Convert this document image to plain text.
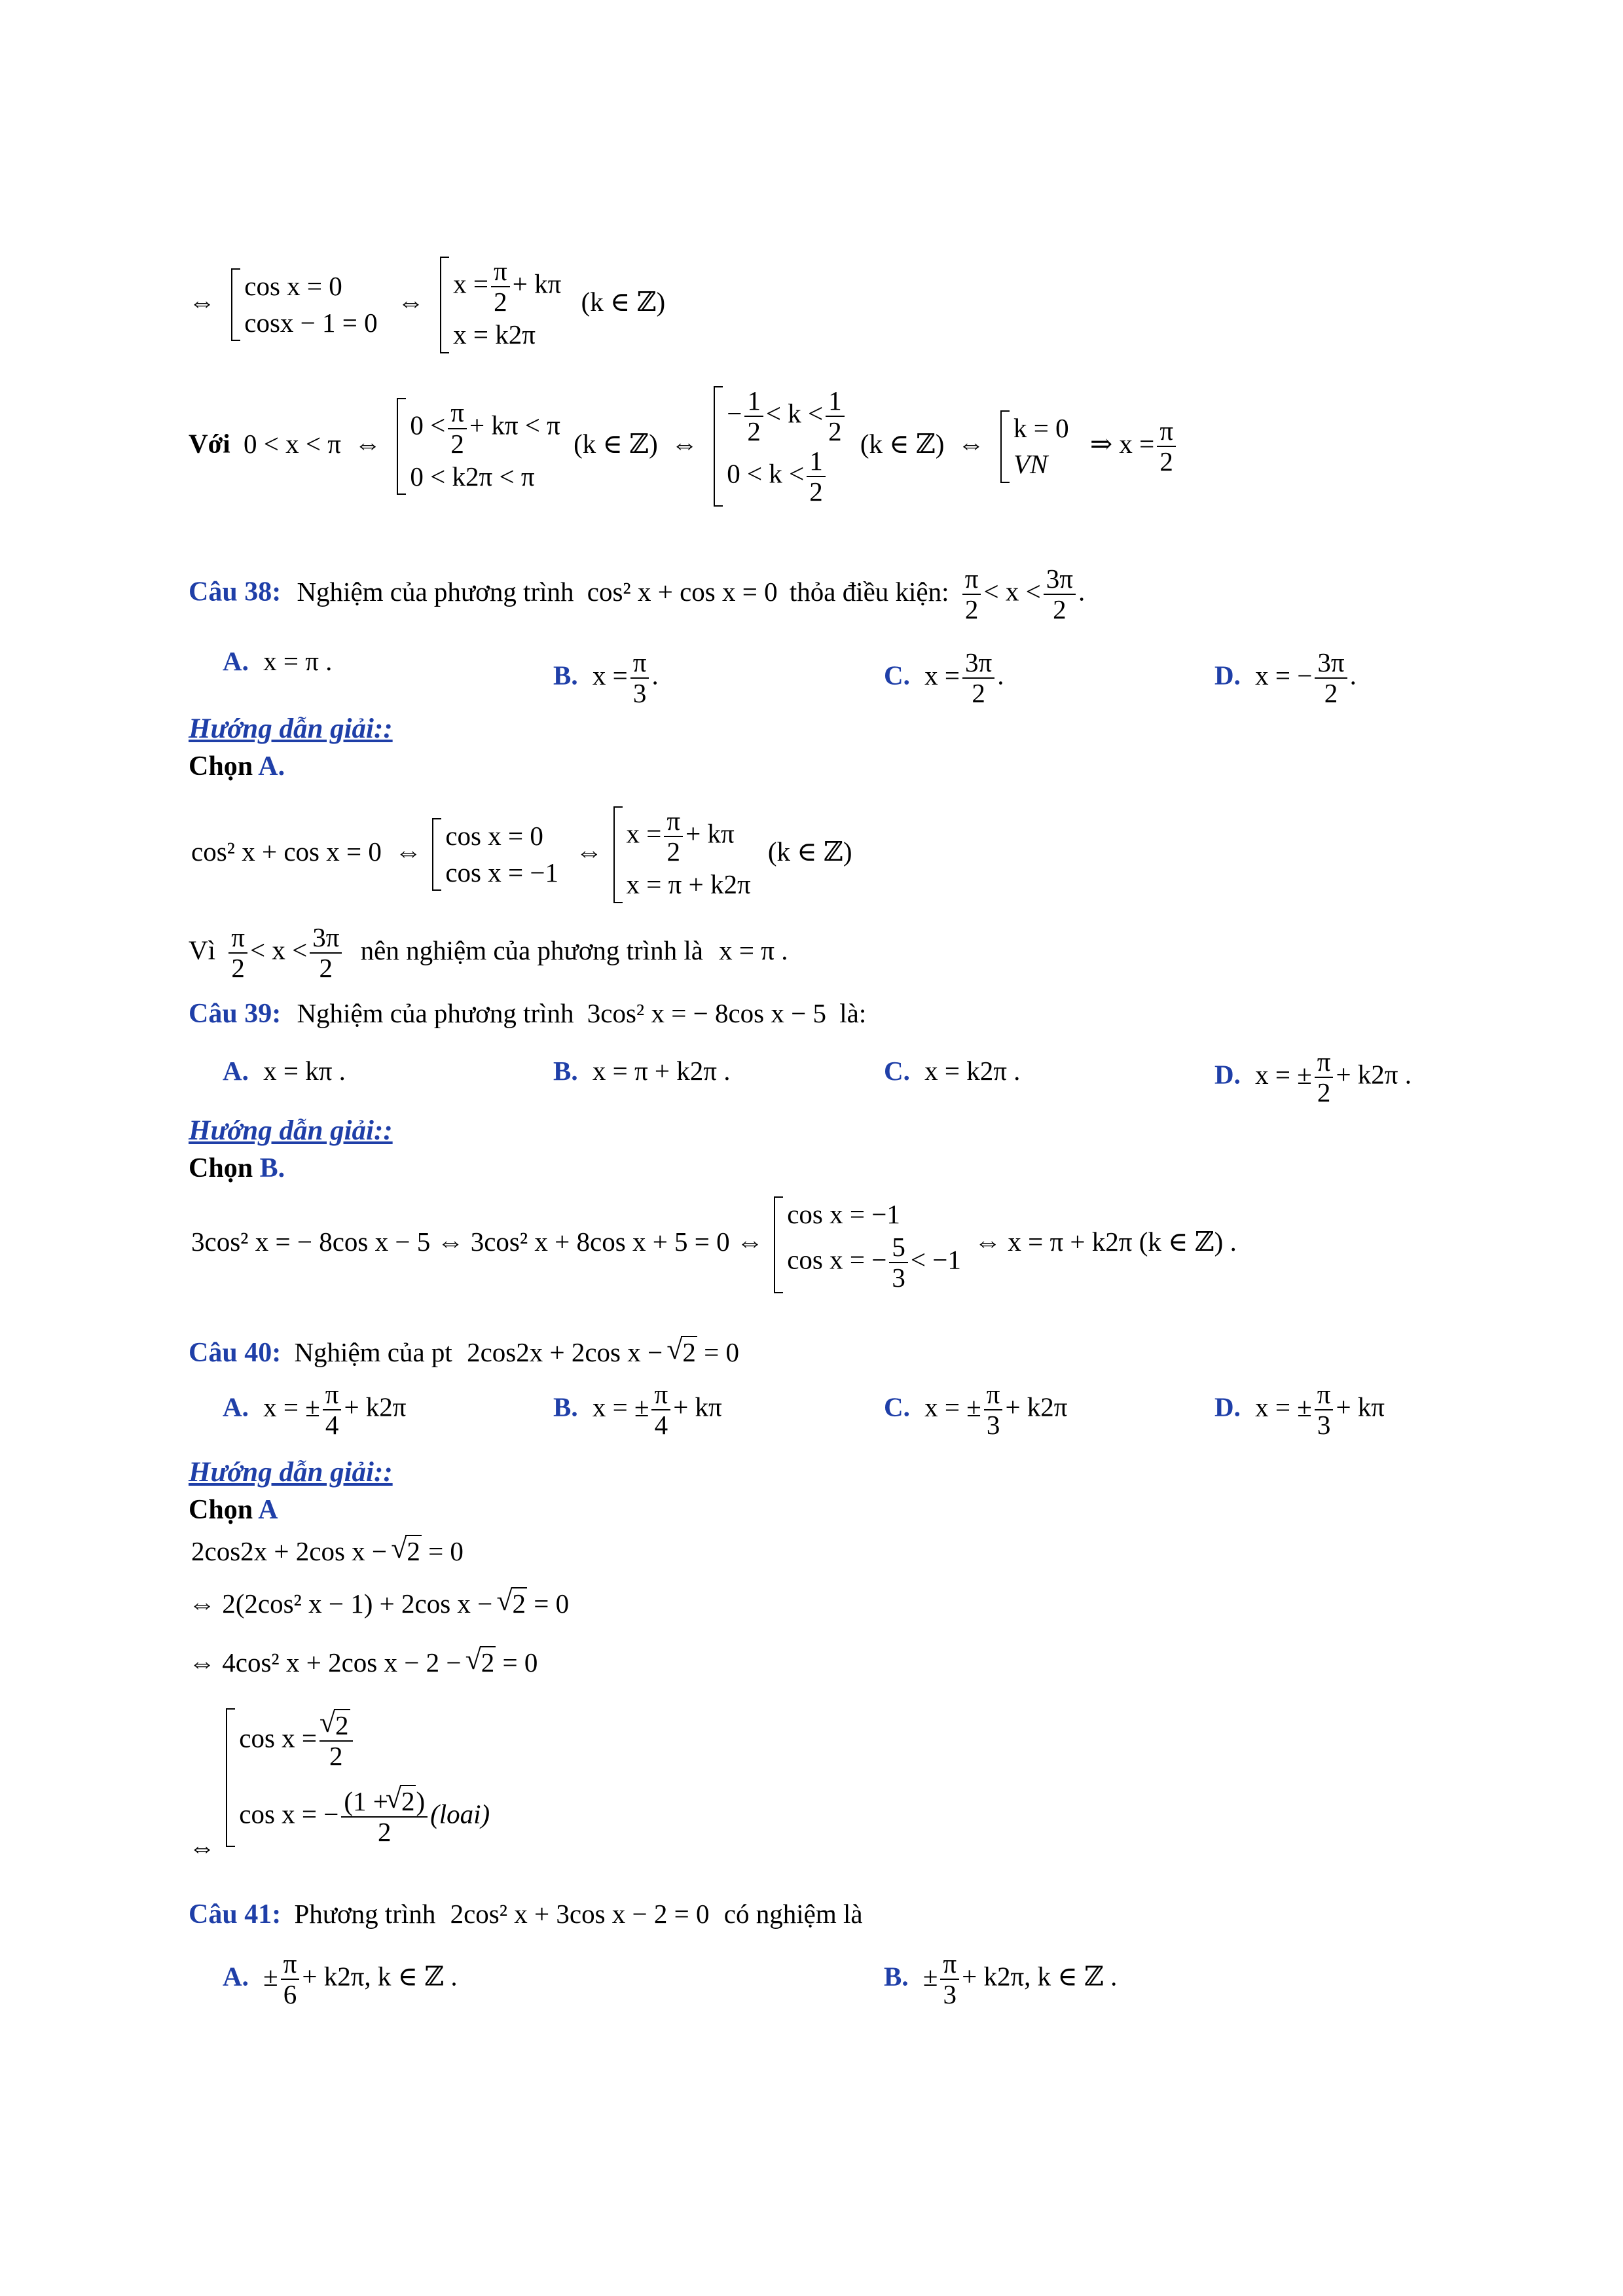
⇔
cos x = 0
cosx − 1 = 0
⇔
$x = \frac{\pi}{2} + k\pi$
x = k2π
(k ∈ ℤ)
Với 0 < x < π ⇔
$0 < \frac{\pi}{2} + k\pi < \pi$
0 < k2π < π
(k ∈ ℤ) ⇔
− $\frac{1}{2} < k < \frac{1}{2}$
$0 < k < \frac{1}{2}$
(k ∈ ℤ) ⇔
k = 0
VN
⇒ $x = \frac{\pi}{2}$
Câu 38: Nghiệm của phương trình cos² x + cos x = 0 thỏa điều kiện: $\frac{\pi}{2} < x < \frac{3\pi}{2}$ .
A. x = π .	B. $x = \frac{\pi}{3}$ .	C. $x = \frac{3\pi}{2}$ .	D. x = − $\frac{3\pi}{2}$ .
Hướng dẫn giải::
Chọn A.
cos² x + cos x = 0 ⇔
cos x = 0
cos x = −1
⇔
$x = \frac{\pi}{2} + k\pi$
x = π + k2π
(k ∈ ℤ)
Vì $\frac{\pi}{2} < x < \frac{3\pi}{2}$ nên nghiệm của phương trình là x = π .
Câu 39: Nghiệm của phương trình 3cos² x = − 8cos x − 5 là:
A. x = kπ .	B. x = π + k2π .	C. x = k2π .	D. x = ± $\frac{\pi}{2} + k2\pi$ .
Hướng dẫn giải::
Chọn B.
3cos² x = − 8cos x − 5 ⇔ 3cos² x + 8cos x + 5 = 0 ⇔
cos x = −1
cos x = − $\frac{5}{3} < -1$
⇔ x = π + k2π (k ∈ ℤ) .
Câu 40: Nghiệm của pt 2cos2x + 2cos x − √ 2 = 0
A. x = ± $\frac{\pi}{4} + k2\pi$	B. x = ± $\frac{\pi}{4} + k\pi$	C. x = ± $\frac{\pi}{3} + k2\pi$	D. x = ± $\frac{\pi}{3} + k\pi$
Hướng dẫn giải::
Chọn A
2cos2x + 2cos x − √ 2 = 0
⇔ 2(2cos² x − 1) + 2cos x − √ 2 = 0
⇔ 4cos² x + 2cos x − 2 − √ 2 = 0
⇔
cos x = √ $\frac{2}{2}$
cos x = − $\frac{(1 + √ 2)}{2}$ (loai)
Câu 41: Phương trình 2cos² x + 3cos x − 2 = 0 có nghiệm là
A. ± $\frac{\pi}{6} + k2\pi$, k ∈ ℤ .	B. ± $\frac{\pi}{3} + k2\pi$, k ∈ ℤ .
